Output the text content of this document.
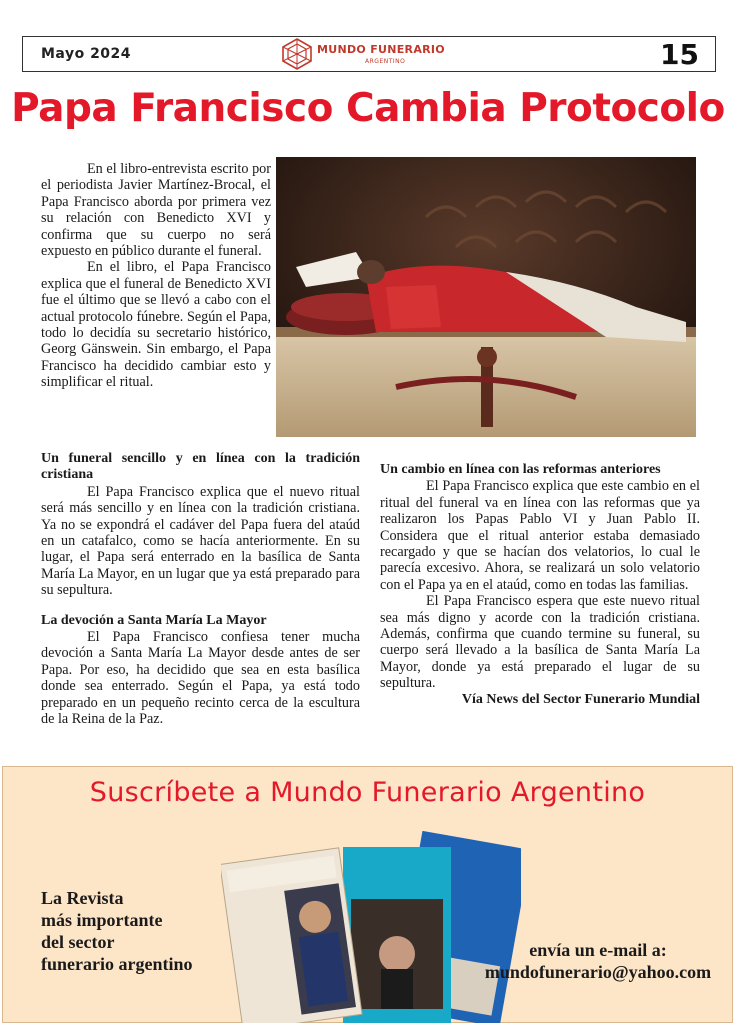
Mayo 2024	MUNDO FUNERARIO
ARGENTINO	15
Papa Francisco Cambia Protocolo

En el libro-entrevista escrito por el periodista Javier Martínez-Brocal, el Papa Francisco aborda por primera vez su relación con Benedicto XVI y confirma que su cuerpo no será expuesto en público durante el funeral.

En el libro, el Papa Francisco explica que el funeral de Benedicto XVI fue el último que se llevó a cabo con el actual protocolo fúnebre. Según el Papa, todo lo decidía su secretario histórico, Georg Gänswein. Sin embargo, el Papa Francisco ha decidido cambiar esto y simplificar el ritual.

Un funeral sencillo y en línea con la tradición cristiana

El Papa Francisco explica que el nuevo ritual será más sencillo y en línea con la tradición cristiana. Ya no se expondrá el cadáver del Papa fuera del ataúd en un catafalco, como se hacía anteriormente. En su lugar, el Papa será enterrado en la basílica de Santa María La Mayor, en un lugar que ya está preparado para su sepultura.

La devoción a Santa María La Mayor

El Papa Francisco confiesa tener mucha devoción a Santa María La Mayor desde antes de ser Papa. Por eso, ha decidido que sea en esta basílica donde sea enterrado. Según el Papa, ya está todo preparado en un pequeño recinto cerca de la escultura de la Reina de la Paz.

Un cambio en línea con las reformas anteriores

El Papa Francisco explica que este cambio en el ritual del funeral va en línea con las reformas que ya realizaron los Papas Pablo VI y Juan Pablo II. Considera que el ritual anterior estaba demasiado recargado y que se hacían dos velatorios, lo cual le parecía excesivo. Ahora, se realizará un solo velatorio con el Papa ya en el ataúd, como en todas las familias.

El Papa Francisco espera que este nuevo ritual sea más digno y acorde con la tradición cristiana. Además, confirma que cuando termine su funeral, su cuerpo será llevado a la basílica de Santa María La Mayor, donde ya está preparado el lugar de su sepultura.

Vía News del Sector Funerario Mundial

Suscríbete a Mundo Funerario Argentino
La Revista
más importante
del sector
funerario argentino
envía un e-mail a:
mundofunerario@yahoo.com
